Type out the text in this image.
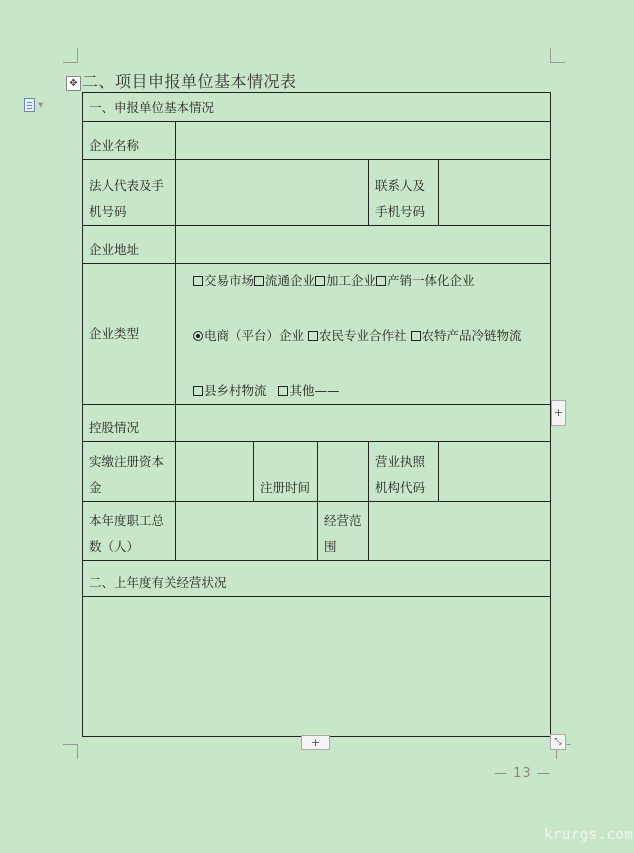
▼
✥ 二、项目申报单位基本情况表
一、申报单位基本情况					
企业名称					
法人代表及手机号码				联系人及手机号码	
企业地址					
企业类型	交易市场 流通企业 加工企业 产销一体化企业
电商（平台）企业 农民专业合作社 农特产品冷链物流
县乡村物流 其他——				

控股情况					
实缴注册资本金		注册时间		营业执照机构代码	
本年度职工总数（人）			经营范围		
二、上年度有关经营状况					

+
+	⤡
— 13 —
krurgs.com
